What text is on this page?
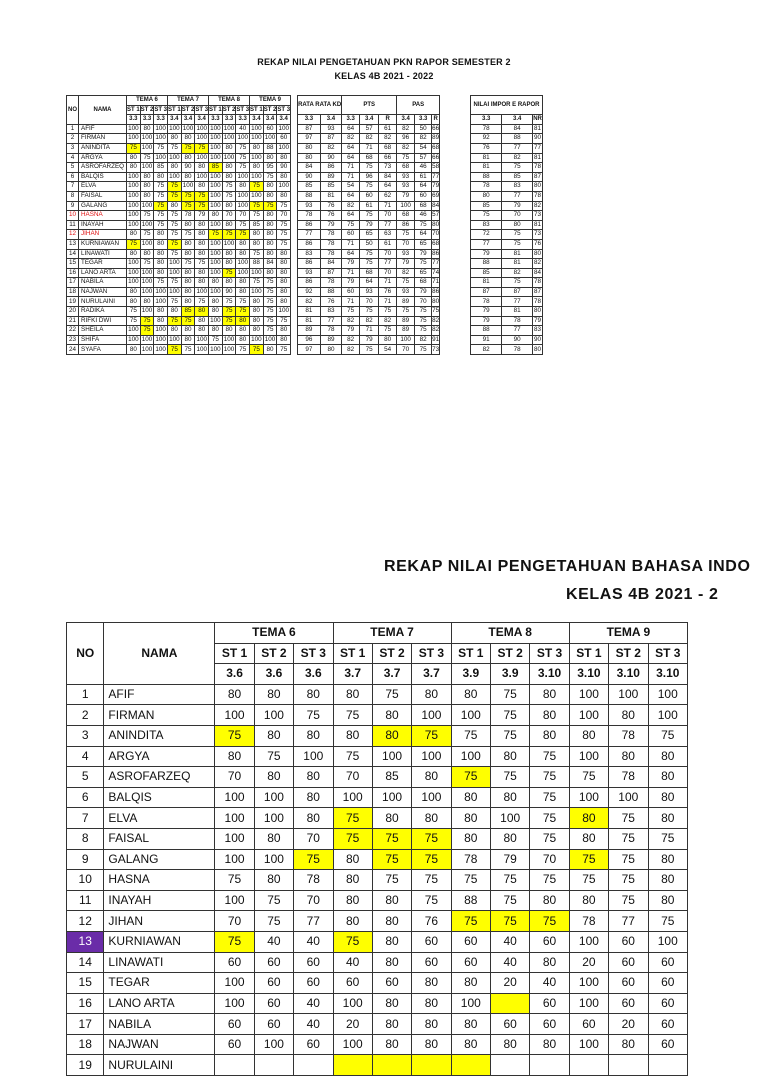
REKAP NILAI PENGETAHUAN PKN RAPOR SEMESTER 2

KELAS 4B 2021 - 2022

NO	NAMA	TEMA 6			TEMA 7			TEMA 8			TEMA 9				RATA RATA KD		PTS			PAS				NILAI IMPOR E RAPOR		
		ST 1	ST 2	ST 3	ST 1	ST 2	ST 3	ST 1	ST 2	ST 3	ST 1	ST 2	ST 3													
		3.3	3.3	3.3	3.4	3.4	3.4	3.3	3.3	3.3	3.4	3.4	3.4		3.3	3.4	3.3	3.4	R	3.4	3.3	R		3.3	3.4	NR
1	AFIF	100	80	100	100	100	100	100	100	40	100	60	100		87	93	64	57	61	82	50	66		78	84	81
2	FIRMAN	100	100	100	80	80	100	100	100	100	100	100	60		97	87	82	82	82	96	82	89		92	88	90
3	ANINDITA	75	100	75	75	75	75	100	80	75	80	88	100		80	82	64	71	68	82	54	68		76	77	77
4	ARGYA	80	75	100	100	80	100	100	100	75	100	80	80		80	90	64	68	66	75	57	66		81	82	81
5	ASROFARZEQ	80	100	85	80	90	80	85	80	75	80	95	90		84	86	71	75	73	68	46	58		81	75	78
6	BALQIS	100	80	80	100	80	100	100	80	100	100	75	80		90	89	71	96	84	93	61	77		88	85	87
7	ELVA	100	80	75	75	100	80	100	75	80	75	80	100		85	85	54	75	64	93	64	79		78	83	80
8	FAISAL	100	80	75	75	75	75	100	75	100	100	80	80		88	81	64	60	62	79	60	69		80	77	78
9	GALANG	100	100	75	80	75	75	100	80	100	75	75	75		93	76	82	61	71	100	68	84		85	79	82
10	HASNA	100	75	75	75	78	79	80	70	70	75	80	70		78	76	64	75	70	68	46	57		75	70	73
11	INAYAH	100	100	75	75	80	80	100	80	75	85	80	75		86	79	75	79	77	86	75	80		83	80	81
12	JIHAN	80	75	80	75	75	80	75	75	75	80	80	75		77	78	60	65	63	75	64	70		72	75	73
13	KURNIAWAN	75	100	80	75	80	80	100	100	80	80	80	75		86	78	71	50	61	70	65	68		77	75	76
14	LINAWATI	80	80	80	75	80	80	100	80	80	75	80	80		83	78	64	75	70	93	79	86		79	81	80
15	TEGAR	100	75	80	100	75	75	100	80	100	88	84	80		86	84	79	75	77	79	75	77		88	81	82
16	LANO ARTA	100	100	80	100	80	80	100	75	100	100	80	80		93	87	71	68	70	82	65	74		85	82	84
17	NABILA	100	100	75	75	80	80	80	80	80	75	75	80		86	78	79	64	71	75	68	71		81	75	78
18	NAJWAN	80	100	100	100	80	100	100	90	80	100	75	80		92	88	60	93	76	93	79	86		87	87	87
19	NURULAINI	80	80	100	75	80	75	80	75	75	80	75	80		82	76	71	70	71	89	70	80		78	77	78
20	RADIKA	75	100	80	80	85	80	80	75	75	80	75	100		81	83	75	75	75	75	75	75		79	81	80
21	RIFKI DWI	75	75	80	75	75	80	100	75	80	80	75	75		81	77	82	82	82	89	75	82		79	78	79
22	SHEILA	100	75	100	80	80	80	80	80	80	80	75	80		89	78	79	71	75	89	75	82		88	77	83
23	SHIFA	100	100	100	100	80	100	75	100	80	100	100	80		96	89	82	79	80	100	82	91		91	90	90
24	SYAFA	80	100	100	75	75	100	100	100	75	75	80	75		97	80	82	75	54	70	75	73		82	78	80

REKAP NILAI PENGETAHUAN BAHASA INDO

KELAS 4B 2021 - 2

NO	NAMA	TEMA 6			TEMA 7			TEMA 8			TEMA 9		
		ST 1	ST 2	ST 3	ST 1	ST 2	ST 3	ST 1	ST 2	ST 3	ST 1	ST 2	ST 3
		3.6	3.6	3.6	3.7	3.7	3.7	3.9	3.9	3.10	3.10	3.10	3.10
1	AFIF	80	80	80	80	75	80	80	75	80	100	100	100
2	FIRMAN	100	100	75	75	80	100	100	75	80	100	80	100
3	ANINDITA	75	80	80	80	80	75	75	75	80	80	78	75
4	ARGYA	80	75	100	75	100	100	100	80	75	100	80	80
5	ASROFARZEQ	70	80	80	70	85	80	75	75	75	75	78	80
6	BALQIS	100	100	80	100	100	100	80	80	75	100	100	80
7	ELVA	100	100	80	75	80	80	80	100	75	80	75	80
8	FAISAL	100	80	70	75	75	75	80	80	75	80	75	75
9	GALANG	100	100	75	80	75	75	78	79	70	75	75	80
10	HASNA	75	80	78	80	75	75	75	75	75	75	75	80
11	INAYAH	100	75	70	80	80	75	88	75	80	80	75	80
12	JIHAN	70	75	77	80	80	76	75	75	75	78	77	75
13	KURNIAWAN	75	40	40	75	80	60	60	40	60	100	60	100
14	LINAWATI	60	60	60	40	80	60	60	40	80	20	60	60
15	TEGAR	100	60	60	60	60	80	80	20	40	100	60	60
16	LANO ARTA	100	60	40	100	80	80	100		60	100	60	60
17	NABILA	60	60	40	20	80	80	80	60	60	60	20	60
18	NAJWAN	60	100	60	100	80	80	80	80	80	100	80	60
19	NURULAINI												
